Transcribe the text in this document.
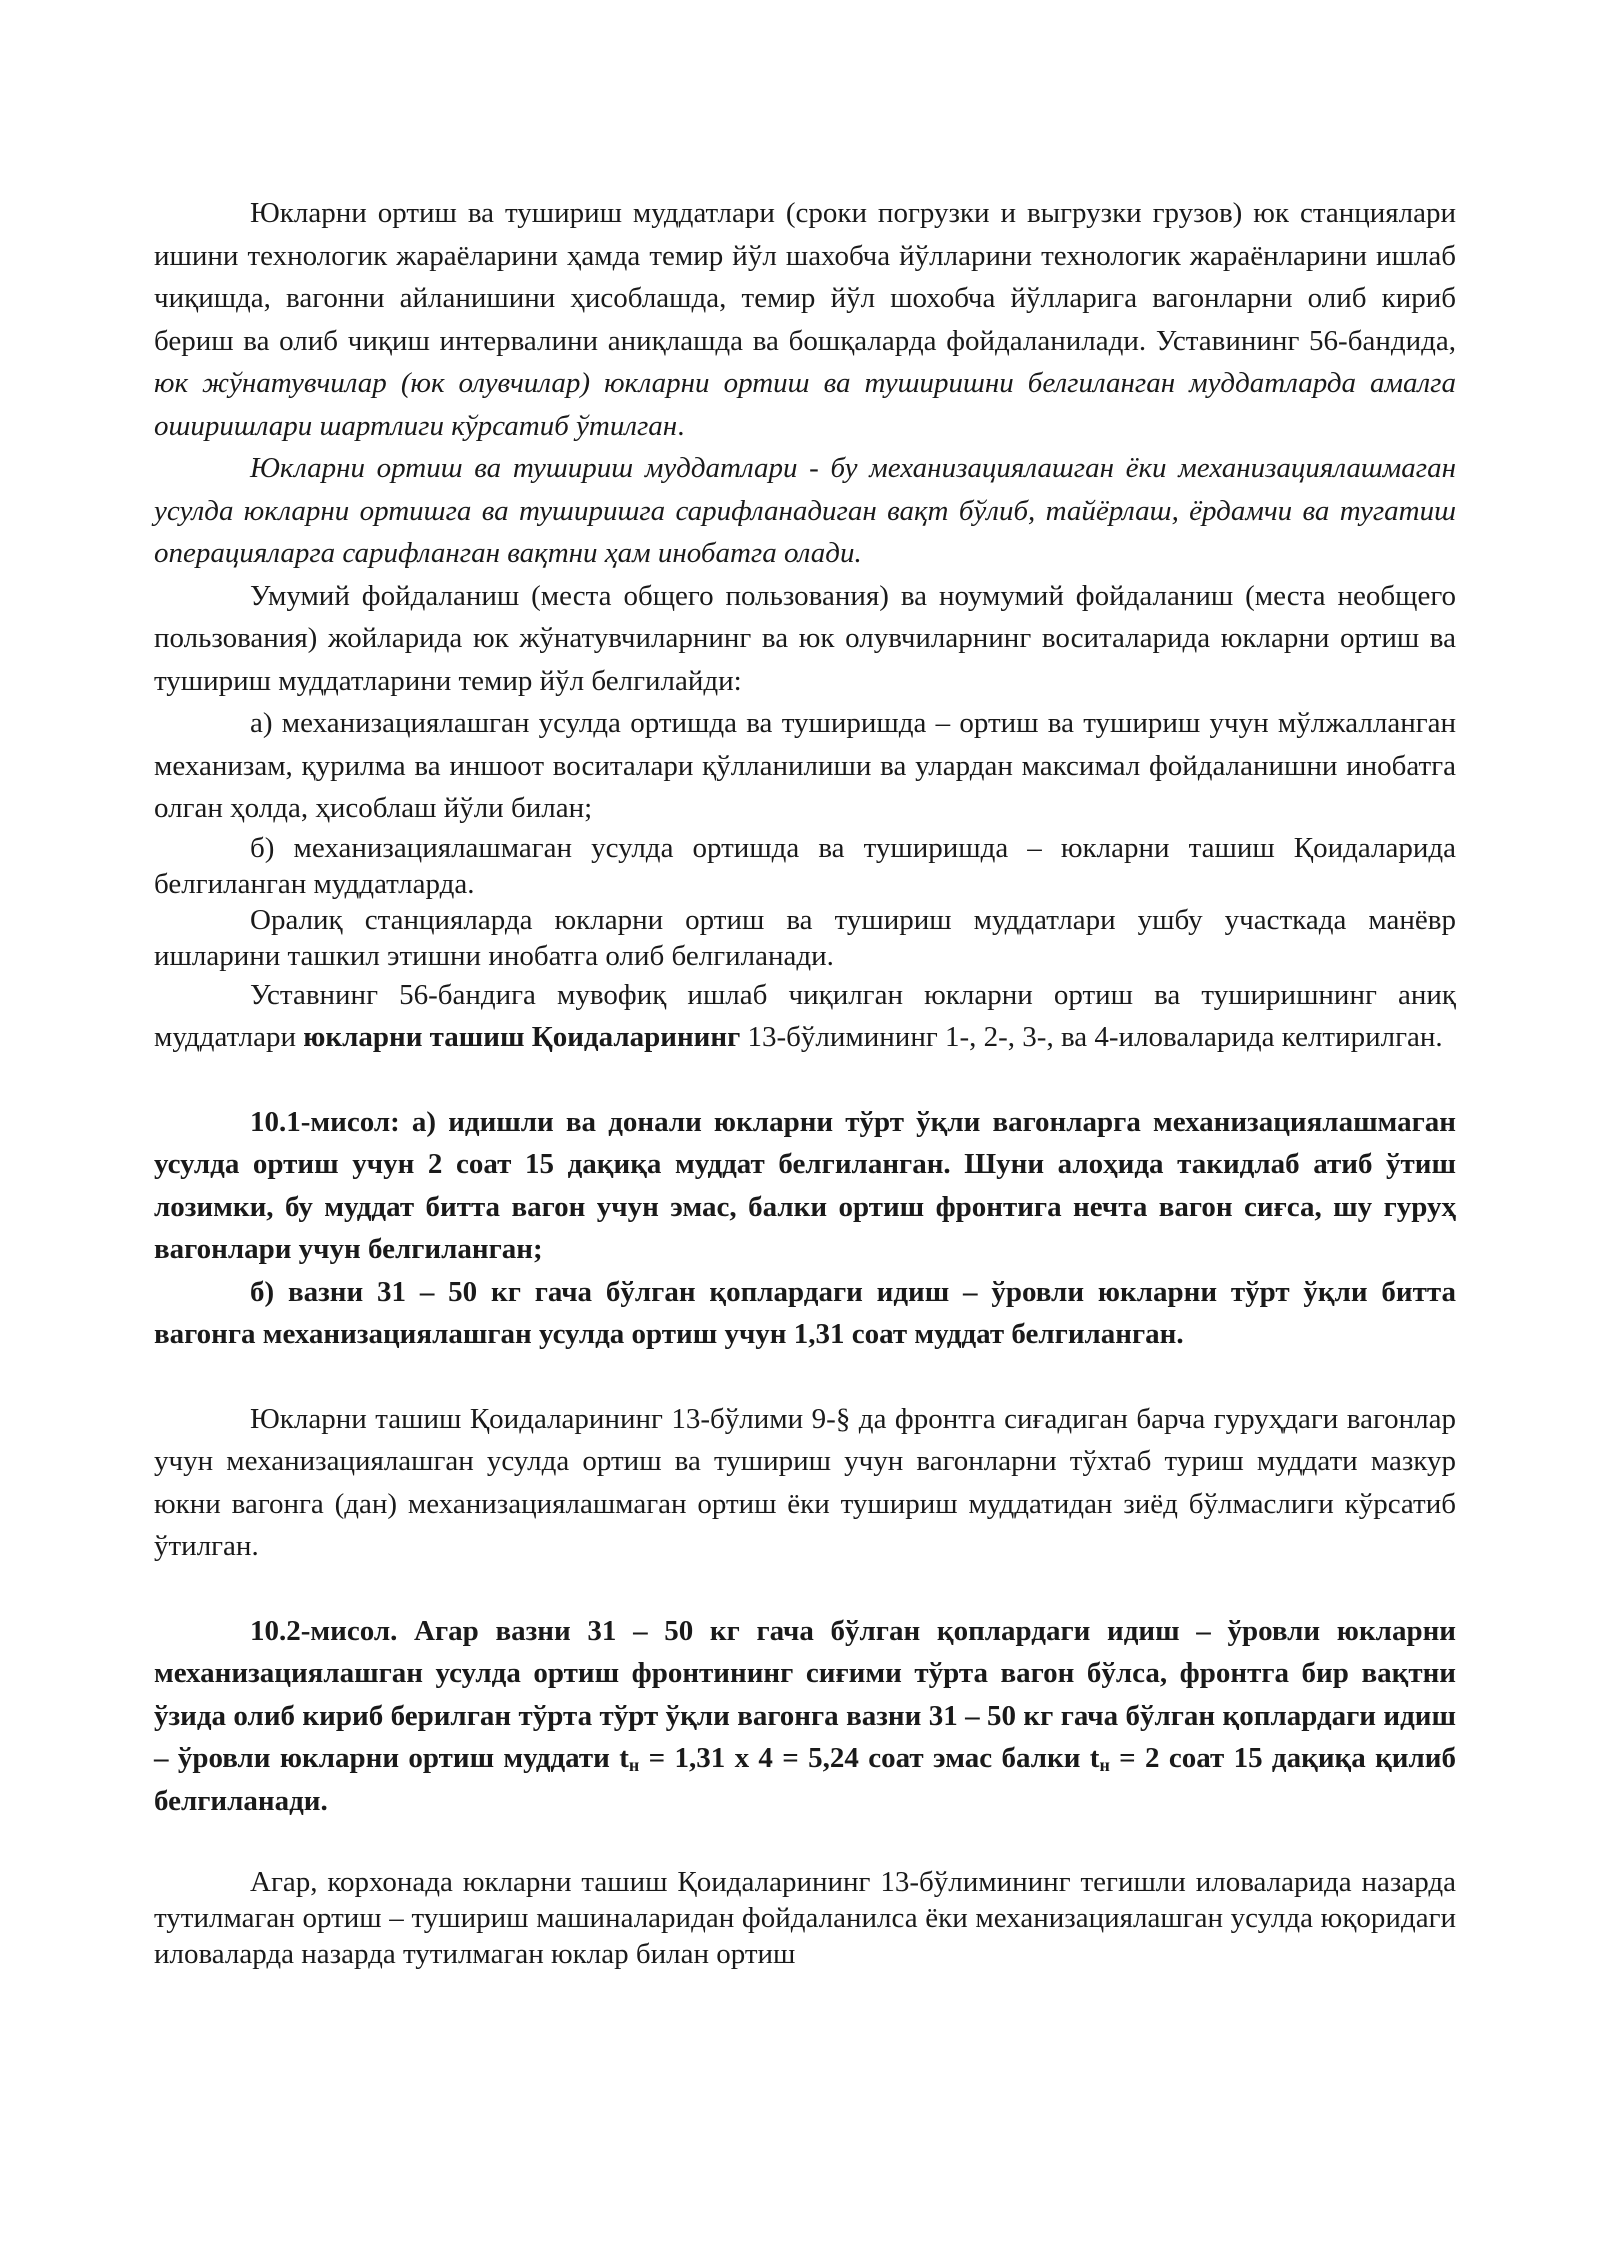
Юкларни ортиш ва тушириш муддатлари (сроки погрузки и выгрузки грузов) юк станциялари ишини технологик жараёларини ҳамда темир йўл шахобча йўлларини технологик жараёнларини ишлаб чиқишда, вагонни айланишини ҳисоблашда, темир йўл шохобча йўлларига вагонларни олиб кириб бериш ва олиб чиқиш интервалини аниқлашда ва бошқаларда фойдаланилади. Уставининг 56-бандида, юк жўнатувчилар (юк олувчилар) юкларни ортиш ва туширишни белгиланган муддатларда амалга оширишлари шартлиги кўрсатиб ўтилган.

Юкларни ортиш ва тушириш муддатлари - бу механизациялашган ёки механизациялашмаган усулда юкларни ортишга ва туширишга сарифланадиган вақт бўлиб, тайёрлаш, ёрдамчи ва тугатиш операцияларга сарифланган вақтни ҳам инобатга олади.

Умумий фойдаланиш (места общего пользования) ва ноумумий фойдаланиш (места необщего пользования) жойларида юк жўнатувчиларнинг ва юк олувчиларнинг воситаларида юкларни ортиш ва тушириш муддатларини темир йўл белгилайди:

а) механизациялашган усулда ортишда ва туширишда – ортиш ва тушириш учун мўлжалланган механизам, қурилма ва иншоот воситалари қўлланилиши ва улардан максимал фойдаланишни инобатга олган ҳолда, ҳисоблаш йўли билан;

б) механизациялашмаган усулда ортишда ва туширишда – юкларни ташиш Қоидаларида белгиланган муддатларда.

Оралиқ станцияларда юкларни ортиш ва тушириш муддатлари ушбу участкада манёвр ишларини ташкил этишни инобатга олиб белгиланади.

Уставнинг 56-бандига мувофиқ ишлаб чиқилган юкларни ортиш ва туширишнинг аниқ муддатлари юкларни ташиш Қоидаларининг 13-бўлимининг 1-, 2-, 3-, ва 4-иловаларида келтирилган.

10.1-мисол: а) идишли ва донали юкларни тўрт ўқли вагонларга механизациялашмаган усулда ортиш учун 2 соат 15 дақиқа муддат белгиланган. Шуни алоҳида такидлаб атиб ўтиш лозимки, бу муддат битта вагон учун эмас, балки ортиш фронтига нечта вагон сиғса, шу гуруҳ вагонлари учун белгиланган;

б) вазни 31 – 50 кг гача бўлган қоплардаги идиш – ўровли юкларни тўрт ўқли битта вагонга механизациялашган усулда ортиш учун 1,31 соат муддат белгиланган.

Юкларни ташиш Қоидаларининг 13-бўлими 9-§ да фронтга сиғадиган барча гуруҳдаги вагонлар учун механизациялашган усулда ортиш ва тушириш учун вагонларни тўхтаб туриш муддати мазкур юкни вагонга (дан) механизациялашмаган ортиш ёки тушириш муддатидан зиёд бўлмаслиги кўрсатиб ўтилган.

10.2-мисол. Агар вазни 31 – 50 кг гача бўлган қоплардаги идиш – ўровли юкларни механизациялашган усулда ортиш фронтининг сиғими тўрта вагон бўлса, фронтга бир вақтни ўзида олиб кириб берилган тўрта тўрт ўқли вагонга вазни 31 – 50 кг гача бўлган қоплардаги идиш – ўровли юкларни ортиш муддати $t_н = 1,31$ х 4 = 5,24 соат эмас балки $t_н = 2$ соат 15 дақиқа қилиб белгиланади.

Агар, корхонада юкларни ташиш Қоидаларининг 13-бўлимининг тегишли иловаларида назарда тутилмаган ортиш – тушириш машиналаридан фойдаланилса ёки механизациялашган усулда юқоридаги иловаларда назарда тутилмаган юклар билан ортиш
